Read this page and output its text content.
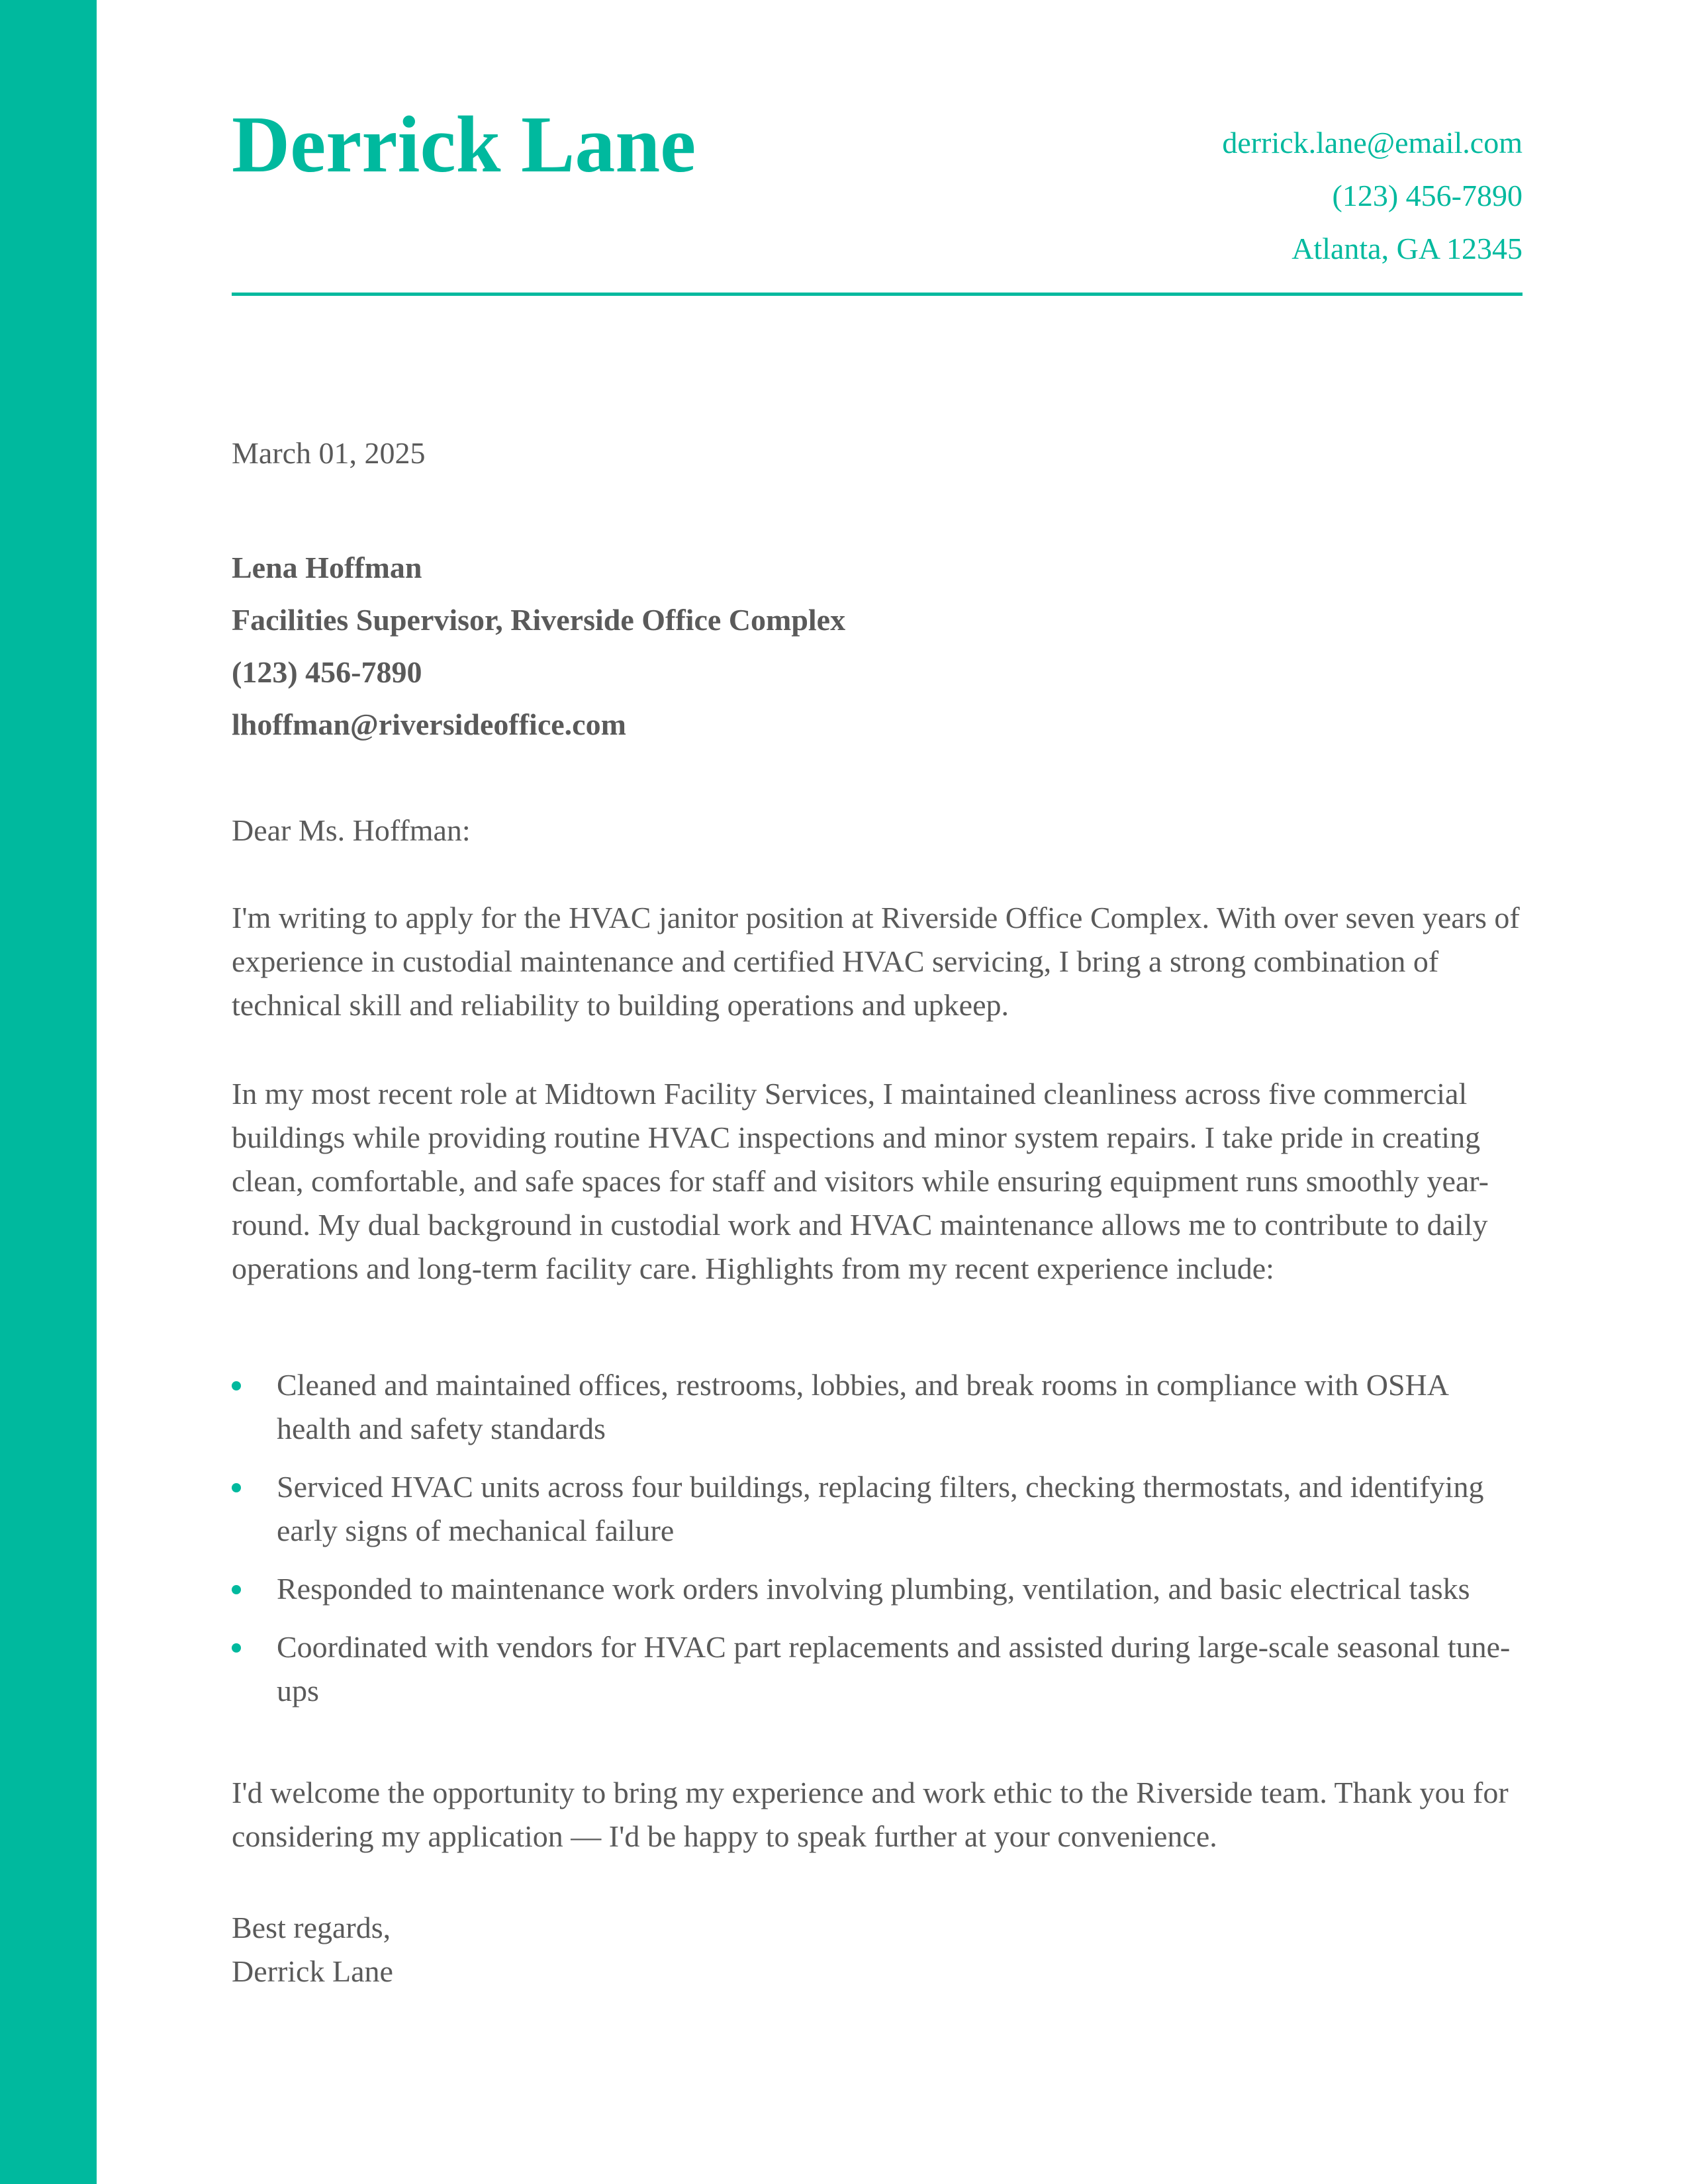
Derrick Lane	derrick.lane@email.com
(123) 456-7890
Atlanta, GA 12345
March 01, 2025
Lena Hoffman
Facilities Supervisor, Riverside Office Complex
(123) 456-7890
lhoffman@riversideoffice.com
Dear Ms. Hoffman:

I'm writing to apply for the HVAC janitor position at Riverside Office Complex. With over seven years of experience in custodial maintenance and certified HVAC servicing, I bring a strong combination of technical skill and reliability to building operations and upkeep.

In my most recent role at Midtown Facility Services, I maintained cleanliness across five commercial buildings while providing routine HVAC inspections and minor system repairs. I take pride in creating clean, comfortable, and safe spaces for staff and visitors while ensuring equipment runs smoothly year-round. My dual background in custodial work and HVAC maintenance allows me to contribute to daily operations and long-term facility care. Highlights from my recent experience include:

Cleaned and maintained offices, restrooms, lobbies, and break rooms in compliance with OSHA health and safety standards
Serviced HVAC units across four buildings, replacing filters, checking thermostats, and identifying early signs of mechanical failure
Responded to maintenance work orders involving plumbing, ventilation, and basic electrical tasks
Coordinated with vendors for HVAC part replacements and assisted during large-scale seasonal tune-ups

I'd welcome the opportunity to bring my experience and work ethic to the Riverside team. Thank you for considering my application — I'd be happy to speak further at your convenience.

Best regards,
Derrick Lane
